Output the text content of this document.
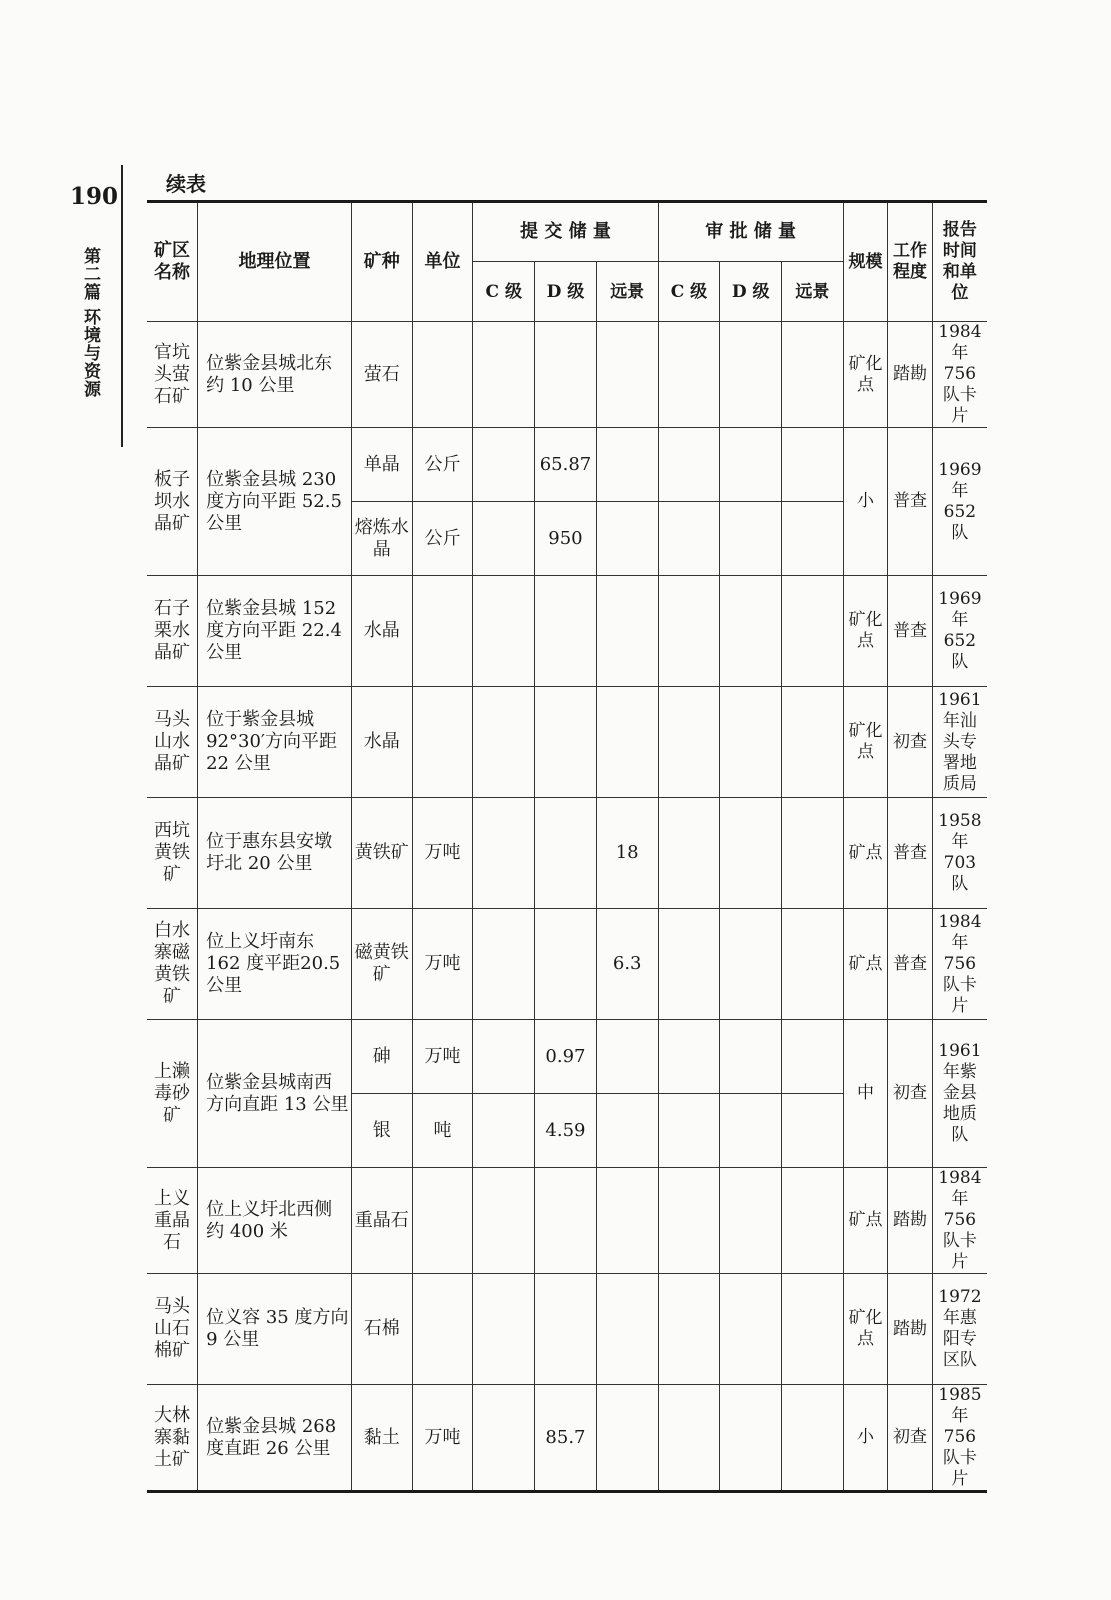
190
第二篇 环境与资源
续表
矿区名称	地理位置	矿种	单位	提 交 储 量			审 批 储 量			规模	工作程度	报告时间和单位
				C 级	D 级	远景	C 级	D 级	远景			
官坑头萤石矿	位紫金县城北东约 10 公里	萤石								矿化点	踏勘	1984 年 756 队卡片
板子坝水晶矿	位紫金县城 230 度方向平距 52.5 公里	单晶	公斤		65.87					小	普查	1969 年 652 队
		熔炼水晶	公斤		950							
石子栗水晶矿	位紫金县城 152 度方向平距 22.4公里	水晶								矿化点	普查	1969 年 652 队
马头山水晶矿	位于紫金县城 92°30′方向平距 22 公里	水晶								矿化点	初查	1961 年汕头专署地质局
西坑黄铁矿	位于惠东县安墩圩北 20 公里	黄铁矿	万吨			18				矿点	普查	1958 年 703 队
白水寨磁黄铁矿	位上义圩南东 162 度平距20.5 公里	磁黄铁矿	万吨			6.3				矿点	普查	1984 年 756 队卡片
上濑毒砂矿	位紫金县城南西方向直距 13 公里	砷	万吨		0.97					中	初查	1961 年紫金县地质队
		银	吨		4.59							
上义重晶石	位上义圩北西侧约 400 米	重晶石								矿点	踏勘	1984 年 756 队卡片
马头山石棉矿	位义容 35 度方向 9 公里	石棉								矿化点	踏勘	1972 年惠阳专区队
大林寨黏土矿	位紫金县城 268 度直距 26 公里	黏土	万吨		85.7					小	初查	1985 年 756 队卡片
